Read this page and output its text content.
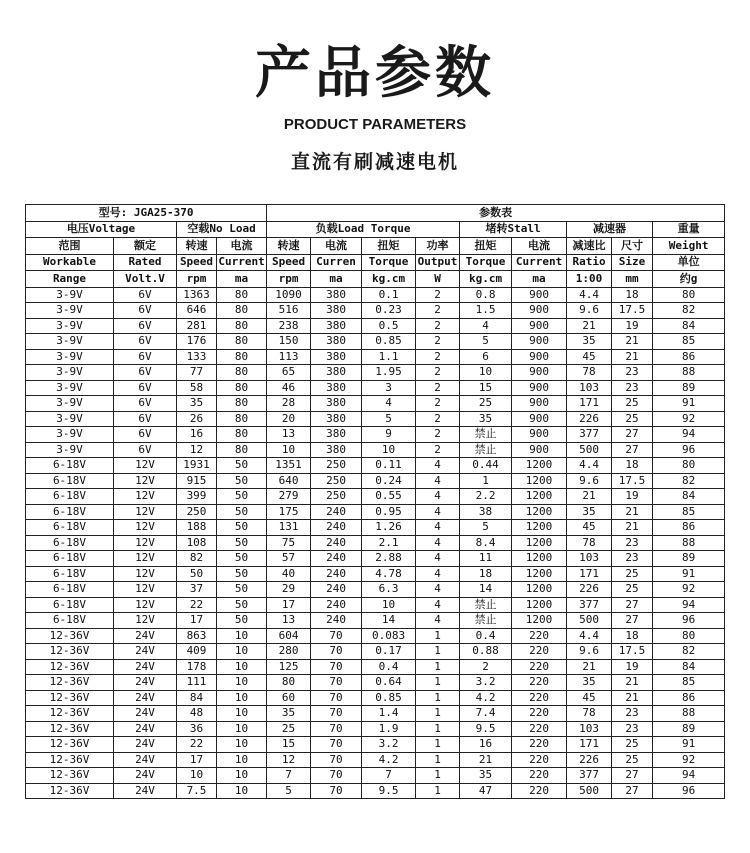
产品参数
PRODUCT PARAMETERS
直流有刷减速电机
型号: JGA25-370				参数表								
电压Voltage		空载No Load		负载Load Torque				堵转Stall		减速器		重量
范围	额定	转速	电流	转速	电流	扭矩	功率	扭矩	电流	减速比	尺寸	Weight
Workable	Rated	Speed	Current	Speed	Curren	Torque	Output	Torque	Current	Ratio	Size	单位
Range	Volt.V	rpm	ma	rpm	ma	kg.cm	W	kg.cm	ma	1:00	mm	约g
3-9V	6V	1363	80	1090	380	0.1	2	0.8	900	4.4	18	80
3-9V	6V	646	80	516	380	0.23	2	1.5	900	9.6	17.5	82
3-9V	6V	281	80	238	380	0.5	2	4	900	21	19	84
3-9V	6V	176	80	150	380	0.85	2	5	900	35	21	85
3-9V	6V	133	80	113	380	1.1	2	6	900	45	21	86
3-9V	6V	77	80	65	380	1.95	2	10	900	78	23	88
3-9V	6V	58	80	46	380	3	2	15	900	103	23	89
3-9V	6V	35	80	28	380	4	2	25	900	171	25	91
3-9V	6V	26	80	20	380	5	2	35	900	226	25	92
3-9V	6V	16	80	13	380	9	2	禁止	900	377	27	94
3-9V	6V	12	80	10	380	10	2	禁止	900	500	27	96
6-18V	12V	1931	50	1351	250	0.11	4	0.44	1200	4.4	18	80
6-18V	12V	915	50	640	250	0.24	4	1	1200	9.6	17.5	82
6-18V	12V	399	50	279	250	0.55	4	2.2	1200	21	19	84
6-18V	12V	250	50	175	240	0.95	4	38	1200	35	21	85
6-18V	12V	188	50	131	240	1.26	4	5	1200	45	21	86
6-18V	12V	108	50	75	240	2.1	4	8.4	1200	78	23	88
6-18V	12V	82	50	57	240	2.88	4	11	1200	103	23	89
6-18V	12V	50	50	40	240	4.78	4	18	1200	171	25	91
6-18V	12V	37	50	29	240	6.3	4	14	1200	226	25	92
6-18V	12V	22	50	17	240	10	4	禁止	1200	377	27	94
6-18V	12V	17	50	13	240	14	4	禁止	1200	500	27	96
12-36V	24V	863	10	604	70	0.083	1	0.4	220	4.4	18	80
12-36V	24V	409	10	280	70	0.17	1	0.88	220	9.6	17.5	82
12-36V	24V	178	10	125	70	0.4	1	2	220	21	19	84
12-36V	24V	111	10	80	70	0.64	1	3.2	220	35	21	85
12-36V	24V	84	10	60	70	0.85	1	4.2	220	45	21	86
12-36V	24V	48	10	35	70	1.4	1	7.4	220	78	23	88
12-36V	24V	36	10	25	70	1.9	1	9.5	220	103	23	89
12-36V	24V	22	10	15	70	3.2	1	16	220	171	25	91
12-36V	24V	17	10	12	70	4.2	1	21	220	226	25	92
12-36V	24V	10	10	7	70	7	1	35	220	377	27	94
12-36V	24V	7.5	10	5	70	9.5	1	47	220	500	27	96
